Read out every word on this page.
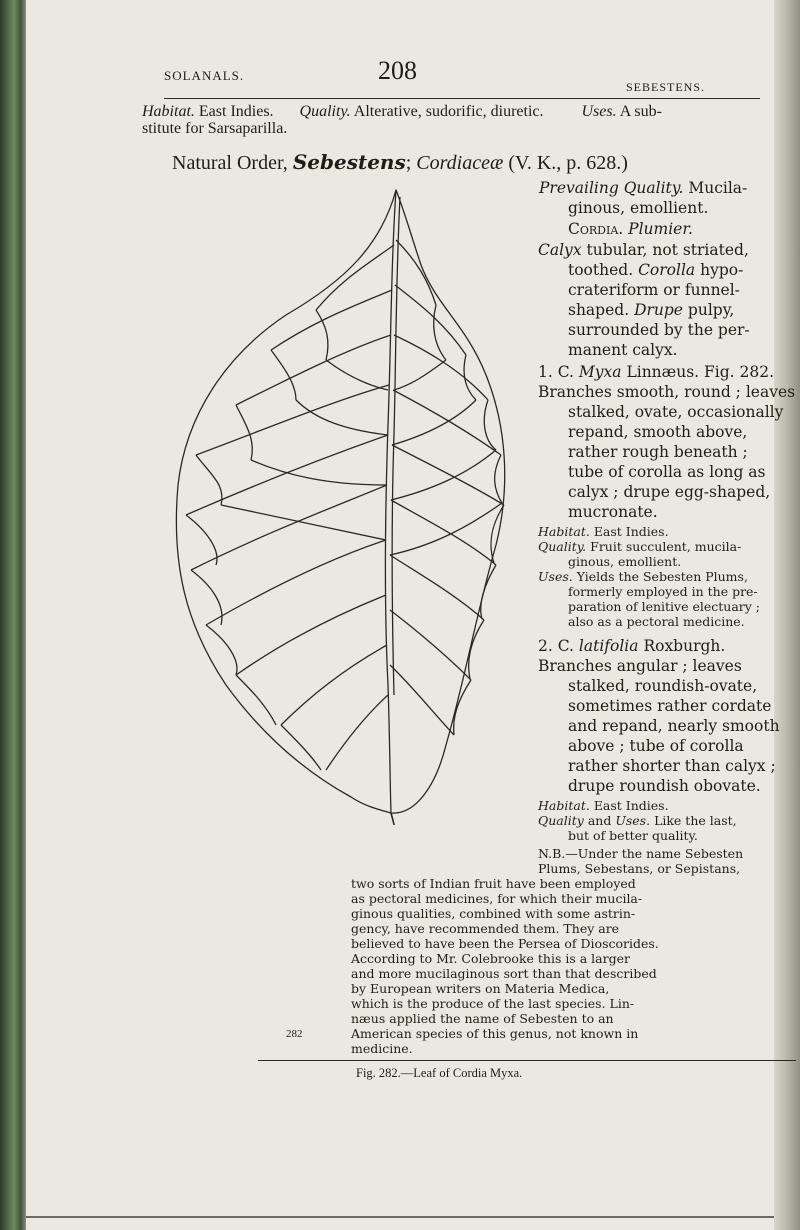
SOLANALS.	208
SEBESTENS.
Habitat. East Indies. Quality. Alterative, sudorific, diuretic. Uses. A sub-
stitute for Sarsaparilla.
Natural Order, Sebestens; Cordiaceæ (V. K., p. 628.)
Prevailing Quality. Mucila-
ginous, emollient.
Cordia. Plumier.
Calyx tubular, not striated,
toothed. Corolla hypo-
crateriform or funnel-
shaped. Drupe pulpy,
surrounded by the per-
manent calyx.
1. C. Myxa Linnæus. Fig. 282.
Branches smooth, round ; leaves
stalked, ovate, occasionally
repand, smooth above,
rather rough beneath ;
tube of corolla as long as
calyx ; drupe egg-shaped,
mucronate.
Habitat. East Indies.
Quality. Fruit succulent, mucila-
ginous, emollient.
Uses. Yields the Sebesten Plums,
formerly employed in the pre-
paration of lenitive electuary ;
also as a pectoral medicine.
2. C. latifolia Roxburgh.
Branches angular ; leaves
stalked, roundish-ovate,
sometimes rather cordate
and repand, nearly smooth
above ; tube of corolla
rather shorter than calyx ;
drupe roundish obovate.
Habitat. East Indies.
Quality and Uses. Like the last,
but of better quality.
N.B.—Under the name Sebesten
Plums, Sebestans, or Sepistans,
two sorts of Indian fruit have been employed
as pectoral medicines, for which their mucila-
ginous qualities, combined with some astrin-
gency, have recommended them. They are
believed to have been the Persea of Dioscorides.
According to Mr. Colebrooke this is a larger
and more mucilaginous sort than that described
by European writers on Materia Medica,
which is the produce of the last species. Lin-
næus applied the name of Sebesten to an
American species of this genus, not known in
medicine.
282
Fig. 282.—Leaf of Cordia Myxa.
